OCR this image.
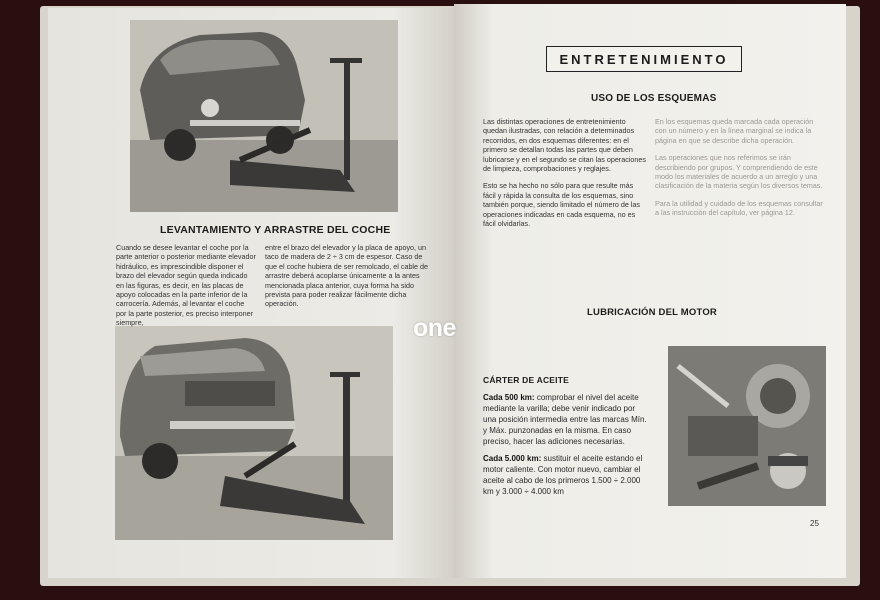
LEVANTAMIENTO Y ARRASTRE DEL COCHE

Cuando se desee levantar el coche por la parte anterior o posterior mediante elevador hidráulico, es imprescindible disponer el brazo del elevador según queda indicado en las figuras, es decir, en las placas de apoyo colocadas en la parte inferior de la carrocería. Además, al levantar el coche por la parte posterior, es preciso interponer siempre,

entre el brazo del elevador y la placa de apoyo, un taco de madera de 2 ÷ 3 cm de espesor. Caso de que el coche hubiera de ser remolcado, el cable de arrastre deberá acoplarse únicamente a la antes mencionada placa anterior, cuya forma ha sido prevista para poder realizar fácilmente dicha operación.

ENTRETENIMIENTO
USO DE LOS ESQUEMAS

Las distintas operaciones de entretenimiento quedan ilustradas, con relación a determinados recorridos, en dos esquemas diferentes: en el primero se detallan todas las partes que deben lubricarse y en el segundo se citan las operaciones de limpieza, comprobaciones y reglajes.

Esto se ha hecho no sólo para que resulte más fácil y rápida la consulta de los esquemas, sino también porque, siendo limitado el número de las operaciones indicadas en cada esquema, no es fácil olvidarlas.

En los esquemas queda marcada cada operación con un número y en la línea marginal se indica la página en que se describe dicha operación.

Las operaciones que nos referimos se irán describiendo por grupos. Y comprendiendo de este modo los materiales de acuerdo a un arreglo y una clasificación de la materia según los diversos temas.

Para la utilidad y cuidado de los esquemas consultar a las instrucción del capítulo, ver página 12.

LUBRICACIÓN DEL MOTOR
CÁRTER DE ACEITE

Cada 500 km: comprobar el nivel del aceite mediante la varilla; debe venir indicado por una posición intermedia entre las marcas Mín. y Máx. punzonadas en la misma. En caso preciso, hacer las adiciones necesarias.

Cada 5.000 km: sustituir el aceite estando el motor caliente. Con motor nuevo, cambiar el aceite al cabo de los primeros 1.500 ÷ 2.000 km y 3.000 ÷ 4.000 km

25
one
